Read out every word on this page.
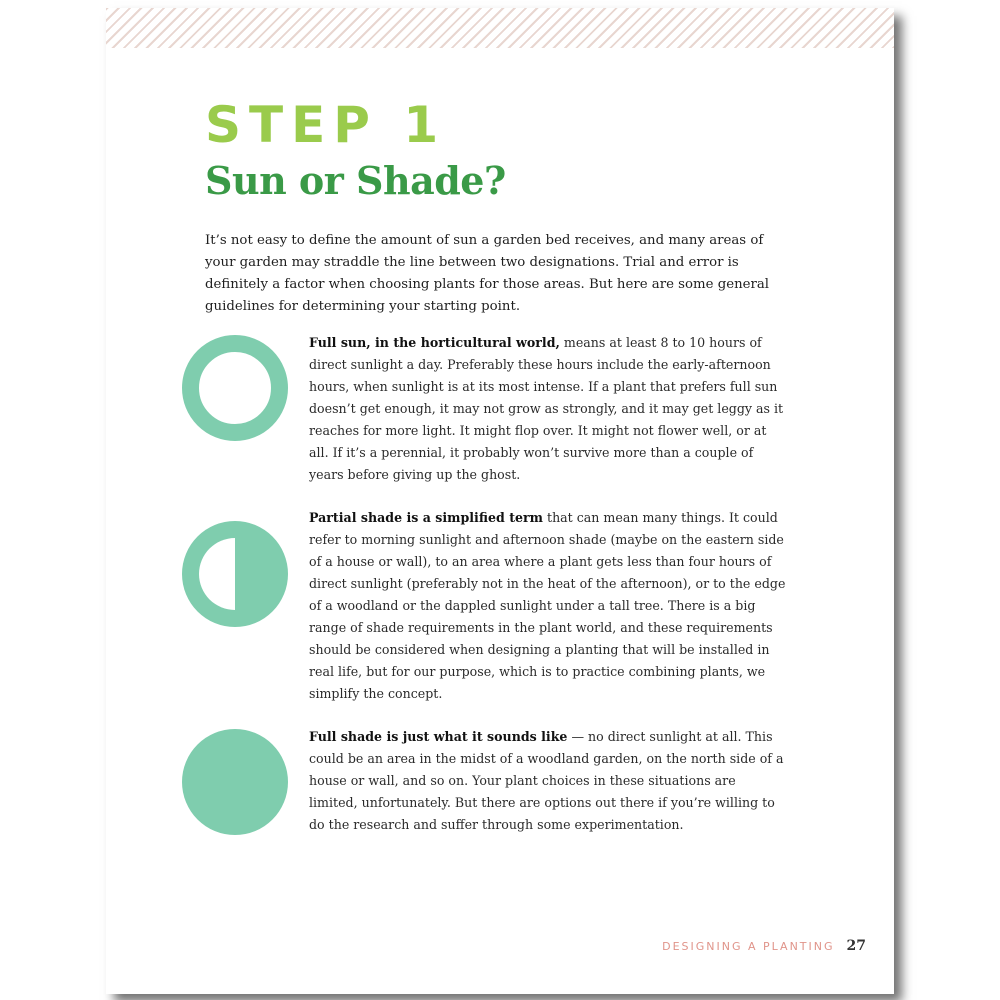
STEP 1
Sun or Shade?

It’s not easy to define the amount of sun a garden bed receives, and many areas of your garden may straddle the line between two designations. Trial and error is definitely a factor when choosing plants for those areas. But here are some general guidelines for determining your starting point.

Full sun, in the horticultural world, means at least 8 to 10 hours of direct sunlight a day. Preferably these hours include the early-afternoon hours, when sunlight is at its most intense. If a plant that prefers full sun doesn’t get enough, it may not grow as strongly, and it may get leggy as it reaches for more light. It might flop over. It might not flower well, or at all. If it’s a perennial, it probably won’t survive more than a couple of years before giving up the ghost.

Partial shade is a simplified term that can mean many things. It could refer to morning sunlight and afternoon shade (maybe on the eastern side of a house or wall), to an area where a plant gets less than four hours of direct sunlight (preferably not in the heat of the afternoon), or to the edge of a woodland or the dappled sunlight under a tall tree. There is a big range of shade requirements in the plant world, and these requirements should be considered when designing a planting that will be installed in real life, but for our purpose, which is to practice combining plants, we simplify the concept.

Full shade is just what it sounds like — no direct sunlight at all. This could be an area in the midst of a woodland garden, on the north side of a house or wall, and so on. Your plant choices in these situations are limited, unfortunately. But there are options out there if you’re willing to do the research and suffer through some experimentation.

DESIGNING A PLANTING 27
